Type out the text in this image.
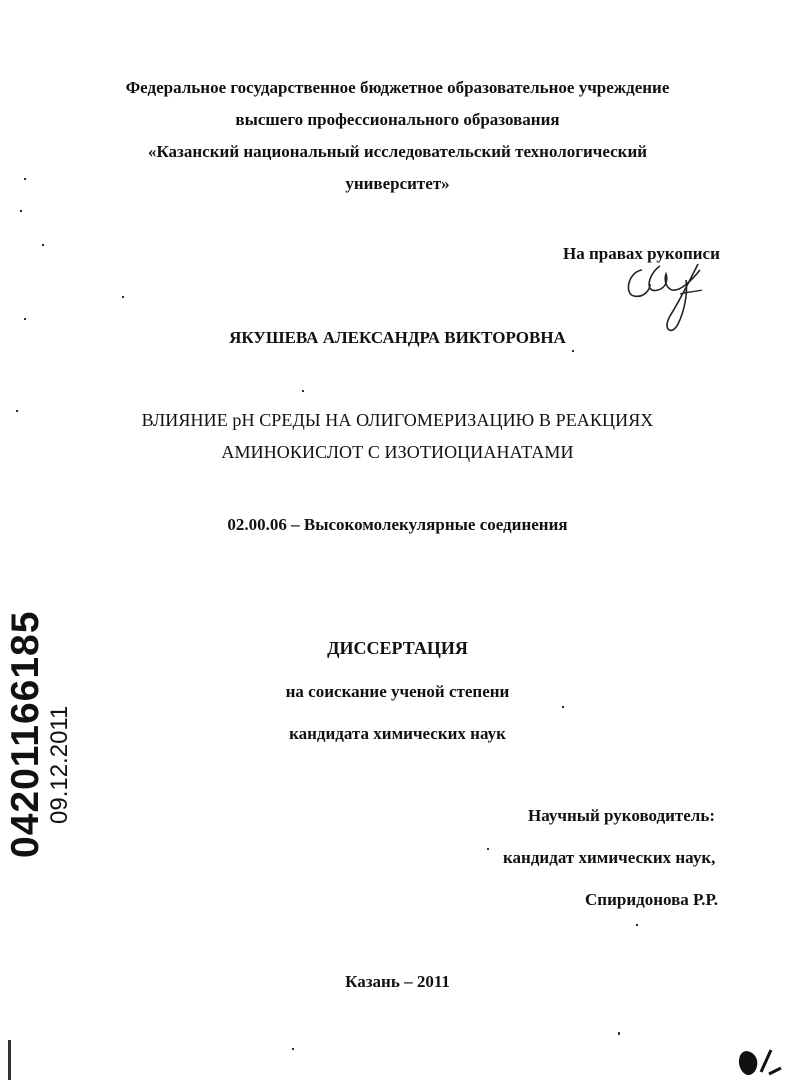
Федеральное государственное бюджетное образовательное учреждение
высшего профессионального образования
«Казанский национальный исследовательский технологический
университет»
На правах рукописи
ЯКУШЕВА АЛЕКСАНДРА ВИКТОРОВНА
ВЛИЯНИЕ рН СРЕДЫ НА ОЛИГОМЕРИЗАЦИЮ В РЕАКЦИЯХ
АМИНОКИСЛОТ С ИЗОТИОЦИАНАТАМИ
02.00.06 – Высокомолекулярные соединения
ДИССЕРТАЦИЯ
на соискание ученой степени
кандидата химических наук
Научный руководитель:
кандидат химических наук,
Спиридонова Р.Р.
Казань – 2011
04201166185 09.12.2011
